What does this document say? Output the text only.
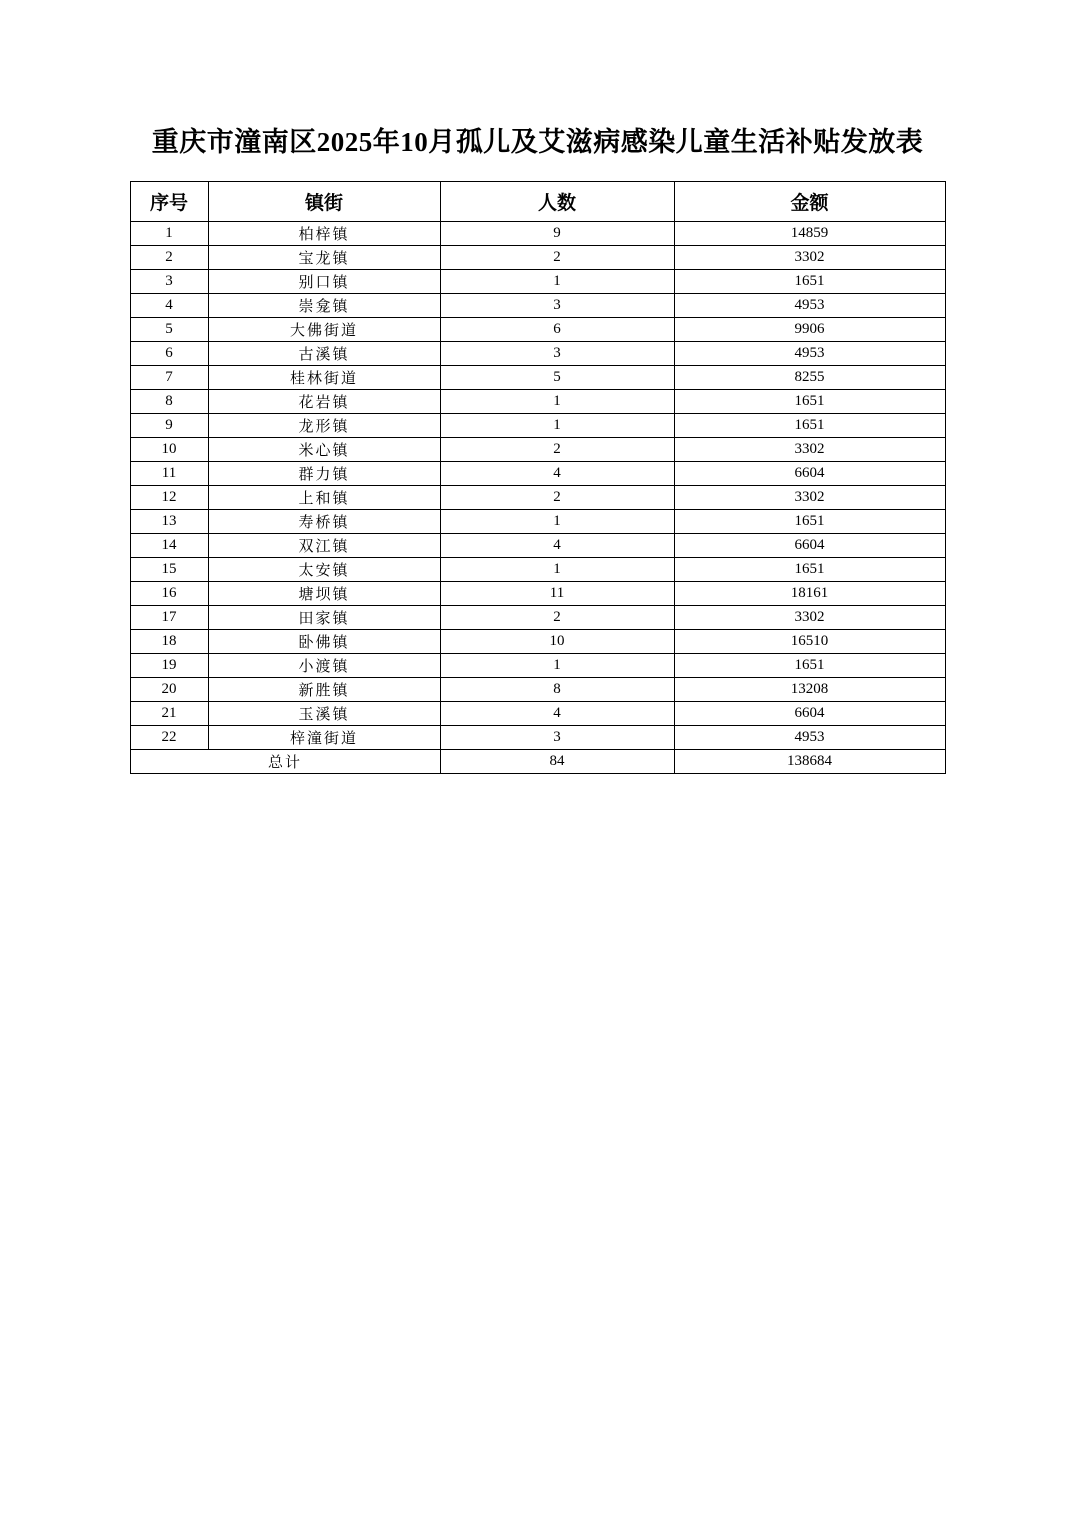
重庆市潼南区2025年10月孤儿及艾滋病感染儿童生活补贴发放表
序号	镇街	人数	金额
1	柏梓镇	9	14859
2	宝龙镇	2	3302
3	别口镇	1	1651
4	崇龛镇	3	4953
5	大佛街道	6	9906
6	古溪镇	3	4953
7	桂林街道	5	8255
8	花岩镇	1	1651
9	龙形镇	1	1651
10	米心镇	2	3302
11	群力镇	4	6604
12	上和镇	2	3302
13	寿桥镇	1	1651
14	双江镇	4	6604
15	太安镇	1	1651
16	塘坝镇	11	18161
17	田家镇	2	3302
18	卧佛镇	10	16510
19	小渡镇	1	1651
20	新胜镇	8	13208
21	玉溪镇	4	6604
22	梓潼街道	3	4953
总计		84	138684
